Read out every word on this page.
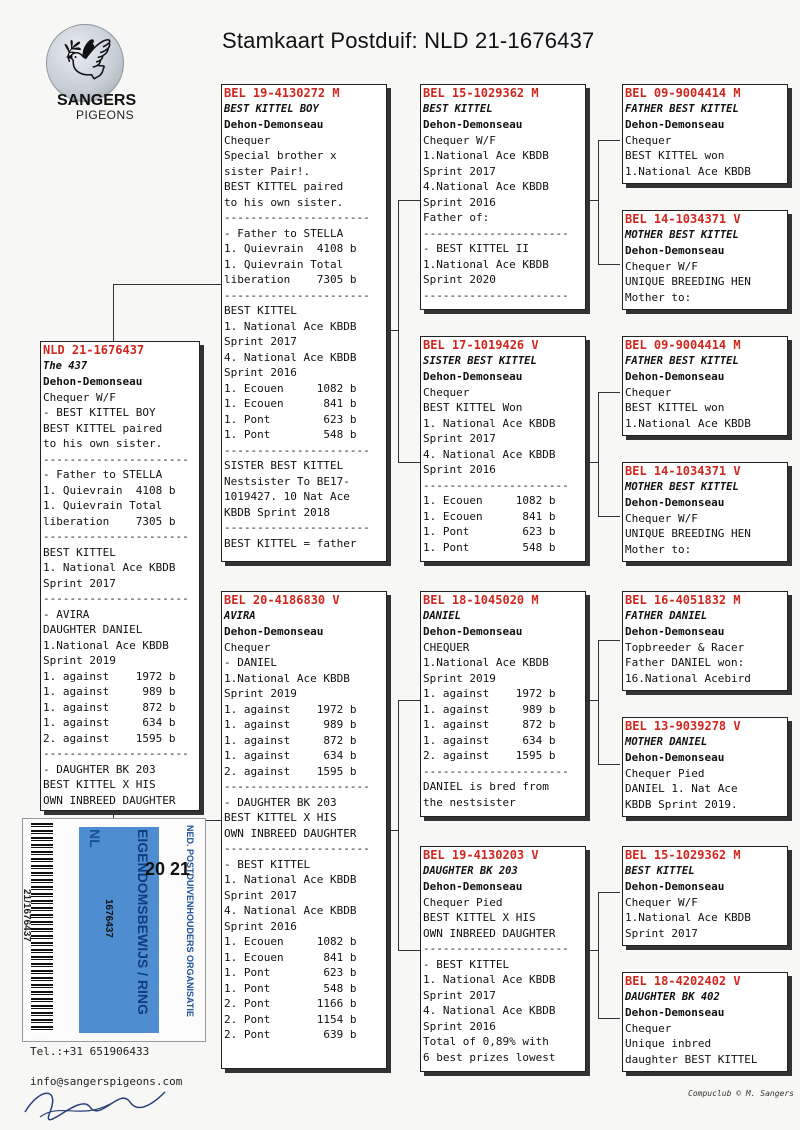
Stamkaart Postduif: NLD 21-1676437
🕊
SANGERS
PIGEONS
NLD 21-1676437
The 437
Dehon-Demonseau
Chequer W/F
- BEST KITTEL BOY
BEST KITTEL paired
to his own sister.
----------------------
- Father to STELLA
1. Quievrain  4108 b
1. Quievrain Total
liberation    7305 b
----------------------
BEST KITTEL
1. National Ace KBDB
Sprint 2017
----------------------
- AVIRA
DAUGHTER DANIEL
1.National Ace KBDB
Sprint 2019
1. against    1972 b
1. against     989 b
1. against     872 b
1. against     634 b
2. against    1595 b
----------------------
- DAUGHTER BK 203
BEST KITTEL X HIS
OWN INBREED DAUGHTER
BEL 19-4130272 M
BEST KITTEL BOY
Dehon-Demonseau
Chequer
Special brother x
sister Pair!.
BEST KITTEL paired
to his own sister.
----------------------
- Father to STELLA
1. Quievrain  4108 b
1. Quievrain Total
liberation    7305 b
----------------------
BEST KITTEL
1. National Ace KBDB
Sprint 2017
4. National Ace KBDB
Sprint 2016
1. Ecouen     1082 b
1. Ecouen      841 b
1. Pont        623 b
1. Pont        548 b
----------------------
SISTER BEST KITTEL
Nestsister To BE17-
1019427. 10 Nat Ace
KBDB Sprint 2018
----------------------
BEST KITTEL = father
BEL 20-4186830 V
AVIRA
Dehon-Demonseau
Chequer
- DANIEL
1.National Ace KBDB
Sprint 2019
1. against    1972 b
1. against     989 b
1. against     872 b
1. against     634 b
2. against    1595 b
----------------------
- DAUGHTER BK 203
BEST KITTEL X HIS
OWN INBREED DAUGHTER
----------------------
- BEST KITTEL
1. National Ace KBDB
Sprint 2017
4. National Ace KBDB
Sprint 2016
1. Ecouen     1082 b
1. Ecouen      841 b
1. Pont        623 b
1. Pont        548 b
2. Pont       1166 b
2. Pont       1154 b
2. Pont        639 b
BEL 15-1029362 M
BEST KITTEL
Dehon-Demonseau
Chequer W/F
1.National Ace KBDB
Sprint 2017
4.National Ace KBDB
Sprint 2016
Father of:
----------------------
- BEST KITTEL II
1.National Ace KBDB
Sprint 2020
----------------------
BEL 17-1019426 V
SISTER BEST KITTEL
Dehon-Demonseau
Chequer
BEST KITTEL Won
1. National Ace KBDB
Sprint 2017
4. National Ace KBDB
Sprint 2016
----------------------
1. Ecouen     1082 b
1. Ecouen      841 b
1. Pont        623 b
1. Pont        548 b
BEL 18-1045020 M
DANIEL
Dehon-Demonseau
CHEQUER
1.National Ace KBDB
Sprint 2019
1. against    1972 b
1. against     989 b
1. against     872 b
1. against     634 b
2. against    1595 b
----------------------
DANIEL is bred from
the nestsister
BEL 19-4130203 V
DAUGHTER BK 203
Dehon-Demonseau
Chequer Pied
BEST KITTEL X HIS
OWN INBREED DAUGHTER
----------------------
- BEST KITTEL
1. National Ace KBDB
Sprint 2017
4. National Ace KBDB
Sprint 2016
Total of 0,89% with
6 best prizes lowest
BEL 09-9004414 M
FATHER BEST KITTEL
Dehon-Demonseau
Chequer
BEST KITTEL won
1.National Ace KBDB
BEL 14-1034371 V
MOTHER BEST KITTEL
Dehon-Demonseau
Chequer W/F
UNIQUE BREEDING HEN
Mother to:
BEL 09-9004414 M
FATHER BEST KITTEL
Dehon-Demonseau
Chequer
BEST KITTEL won
1.National Ace KBDB
BEL 14-1034371 V
MOTHER BEST KITTEL
Dehon-Demonseau
Chequer W/F
UNIQUE BREEDING HEN
Mother to:
BEL 16-4051832 M
FATHER DANIEL
Dehon-Demonseau
Topbreeder & Racer
Father DANIEL won:
16.National Acebird
BEL 13-9039278 V
MOTHER DANIEL
Dehon-Demonseau
Chequer Pied
DANIEL 1. Nat Ace
KBDB Sprint 2019.
BEL 15-1029362 M
BEST KITTEL
Dehon-Demonseau
Chequer W/F
1.National Ace KBDB
Sprint 2017
BEL 18-4202402 V
DAUGHTER BK 402
Dehon-Demonseau
Chequer
Unique inbred
daughter BEST KITTEL
21/1676437	EIGENDOMSBEWIJS / RING	NED. POSTDUIVENHOUDERS ORGANISATIE
20 21
NL
1676437
Tel.:+31 651906433
info@sangerspigeons.com
Compuclub © M. Sangers
